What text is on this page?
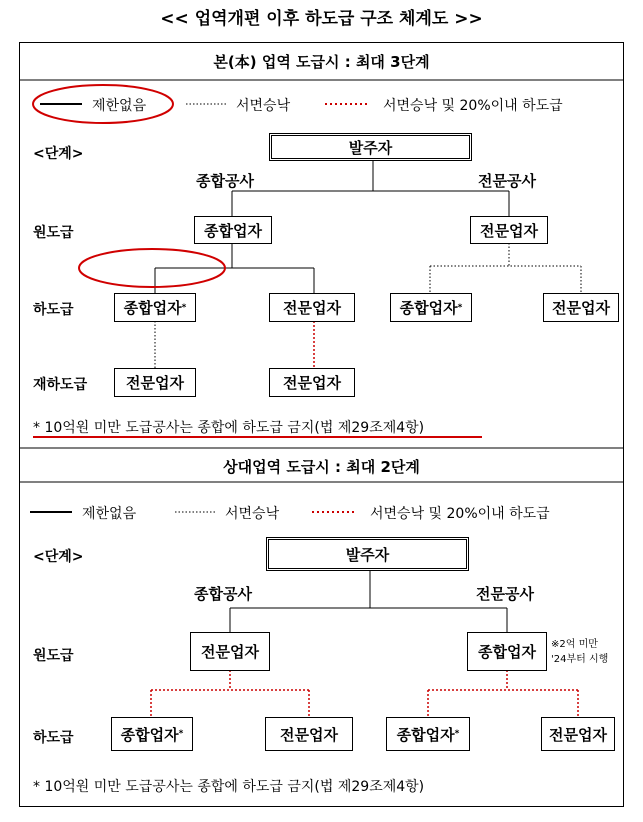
<< 업역개편 이후 하도급 구조 체계도 >>
본(本) 업역 도급시 : 최대 3단계
제한없음	서면승낙	서면승낙 및 20%이내 하도급
<단계>	발주자
종합공사	전문공사
원도급	종합업자	전문업자
하도급	종합업자 *	전문업자	종합업자 *	전문업자
재하도급	전문업자	전문업자
* 10억원 미만 도급공사는 종합에 하도급 금지(법 제29조제4항)
상대업역 도급시 : 최대 2단계
제한없음	서면승낙	서면승낙 및 20%이내 하도급
<단계>	발주자
종합공사	전문공사
원도급	전문업자	종합업자	※2억 미만
'24부터 시행
하도급	종합업자 *	전문업자	종합업자 *	전문업자
* 10억원 미만 도급공사는 종합에 하도급 금지(법 제29조제4항)
